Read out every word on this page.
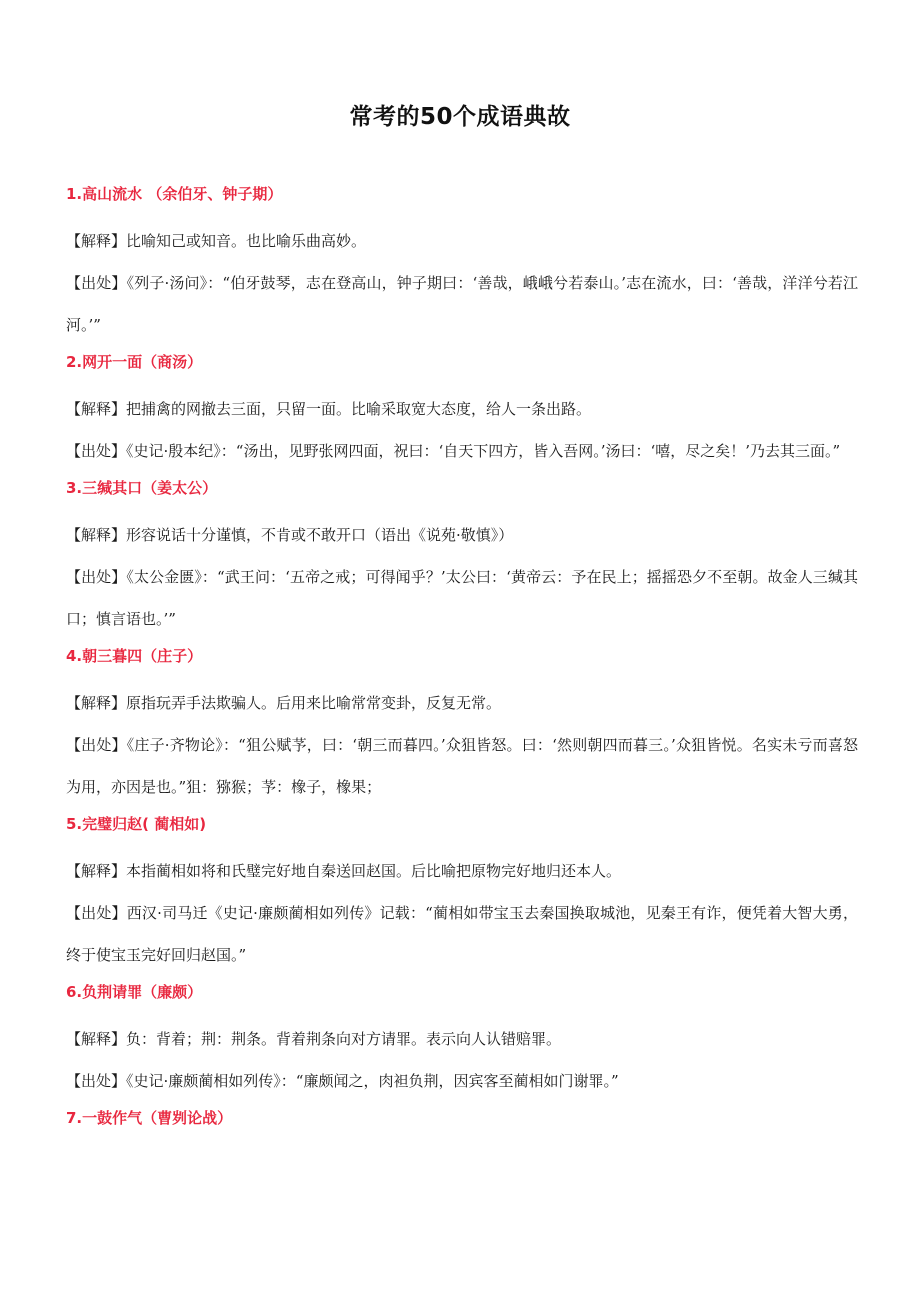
常考的50个成语典故

1.高山流水 （余伯牙、钟子期）

【解释】比喻知己或知音。也比喻乐曲高妙。

【出处】《列子·汤问》：“伯牙鼓琴，志在登高山，钟子期曰：‘善哉，峨峨兮若泰山。’志在流水，曰：‘善哉，洋洋兮若江河。’”

2.网开一面（商汤）

【解释】把捕禽的网撤去三面，只留一面。比喻采取宽大态度，给人一条出路。

【出处】《史记·殷本纪》：“汤出，见野张网四面，祝曰：‘自天下四方，皆入吾网。’汤曰：‘嘻，尽之矣！’乃去其三面。”

3.三缄其口（姜太公）

【解释】形容说话十分谨慎，不肯或不敢开口（语出《说苑·敬慎》）

【出处】《太公金匮》：“武王问：‘五帝之戒；可得闻乎？’太公曰：‘黄帝云：予在民上；摇摇恐夕不至朝。故金人三缄其口；慎言语也。’”

4.朝三暮四（庄子）

【解释】原指玩弄手法欺骗人。后用来比喻常常变卦，反复无常。

【出处】《庄子·齐物论》：“狙公赋芧，曰：‘朝三而暮四。’众狙皆怒。曰：‘然则朝四而暮三。’众狙皆悦。名实未亏而喜怒为用，亦因是也。”狙：猕猴；芧：橡子，橡果；

5.完璧归赵( 蔺相如)

【解释】本指蔺相如将和氏璧完好地自秦送回赵国。后比喻把原物完好地归还本人。

【出处】西汉·司马迁《史记·廉颇蔺相如列传》记载：“蔺相如带宝玉去秦国换取城池，见秦王有诈，便凭着大智大勇，终于使宝玉完好回归赵国。”

6.负荆请罪（廉颇）

【解释】负：背着；荆：荆条。背着荆条向对方请罪。表示向人认错赔罪。

【出处】《史记·廉颇蔺相如列传》：“廉颇闻之，肉袒负荆，因宾客至蔺相如门谢罪。”

7.一鼓作气（曹刿论战）
